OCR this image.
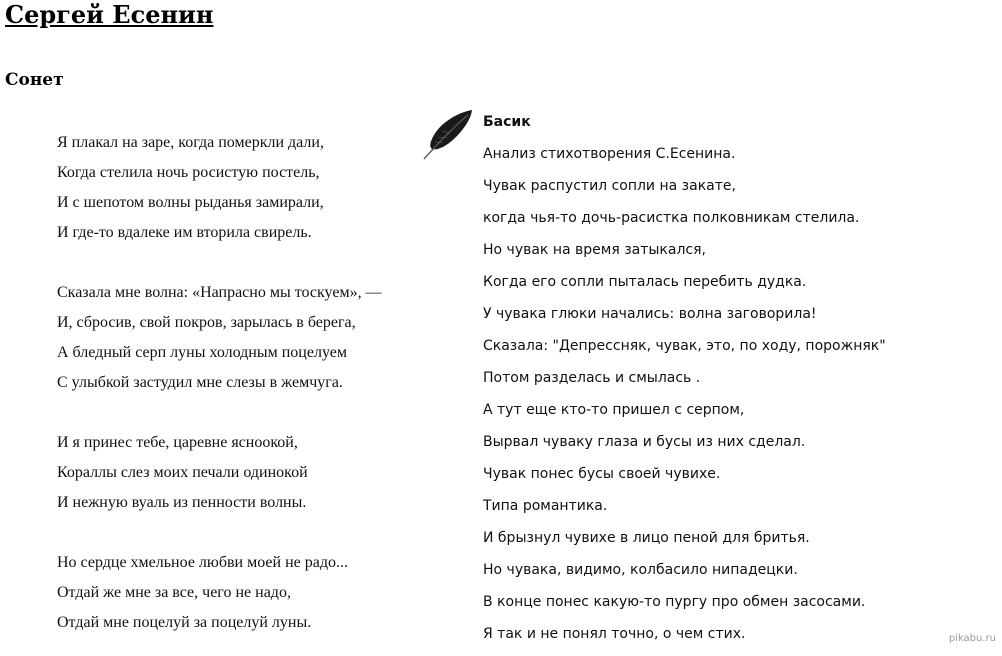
Сергей Есенин
Сонет
Я плакал на заре, когда померкли дали,
Когда стелила ночь росистую постель,
И с шепотом волны рыданья замирали,
И где-то вдалеке им вторила свирель.
Сказала мне волна: «Напрасно мы тоскуем», —
И, сбросив, свой покров, зарылась в берега,
А бледный серп луны холодным поцелуем
С улыбкой застудил мне слезы в жемчуга.
И я принес тебе, царевне ясноокой,
Кораллы слез моих печали одинокой
И нежную вуаль из пенности волны.
Но сердце хмельное любви моей не радо...
Отдай же мне за все, чего не надо,
Отдай мне поцелуй за поцелуй луны.
Басик
Анализ стихотворения С.Есенина.
Чувак распустил сопли на закате,
когда чья-то дочь-расистка полковникам стелила.
Но чувак на время затыкался,
Когда его сопли пыталась перебить дудка.
У чувака глюки начались: волна заговорила!
Сказала: "Депрессняк, чувак, это, по ходу, порожняк"
Потом разделась и смылась .
А тут еще кто-то пришел с серпом,
Вырвал чуваку глаза и бусы из них сделал.
Чувак понес бусы своей чувихе.
Типа романтика.
И брызнул чувихе в лицо пеной для бритья.
Но чувака, видимо, колбасило нипадецки.
В конце понес какую-то пургу про обмен засосами.
Я так и не понял точно, о чем стих.	pikabu.ru
